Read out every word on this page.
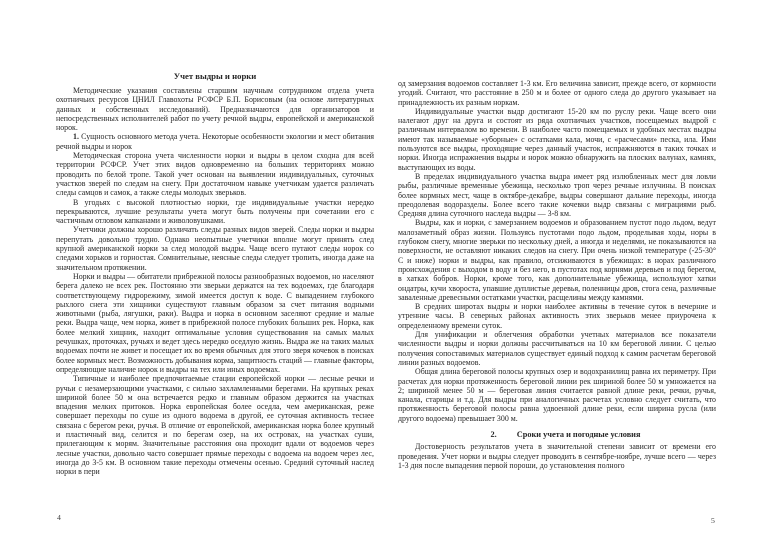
Учет выдры и норки

Методические указания составлены старшим научным сотрудником отдела учета охотничьих ресурсов ЦНИЛ Главохоты РСФСР Б.П. Борисовым (на основе литературных данных и собственных исследований). Предназначаются для организаторов и непосредственных исполнителей работ по учету речной выдры, европейской и американской норок.

1. Сущность основного метода учета. Некоторые особенности экологии и мест обитания речной выдры и норок

Методическая сторона учета численности норки и выдры в целом сходна для всей территории РСФСР. Учет этих видов одновременно на больших территориях можно проводить по белой тропе. Такой учет основан на выявлении индивидуальных, суточных участков зверей по следам на снегу. При достаточном навыке учетчикам удается различать следы самцов и самок, а также следы молодых зверьков.

В угодьях с высокой плотностью норки, где индивидуальные участки нередко перекрываются, лучшие результаты учета могут быть получены при сочетании его с частичным отловом капканами и живоловушками.

Учетчики должны хорошо различать следы разных видов зверей. Следы норки и выдры перепутать довольно трудно. Однако неопытные учетчики вполне могут принять след крупной американской норки за след молодой выдры. Чаще всего путают следы норок со следами хорьков и горностая. Сомнительные, неясные следы следует тропить, иногда даже на значительном протяжении.

Норки и выдры — обитатели прибрежной полосы разнообразных водоемов, но населяют берега далеко не всех рек. Постоянно эти зверьки держатся на тех водоемах, где благодаря соответствующему гидрорежиму, зимой имеется доступ к воде. С выпадением глубокого рыхлого снега эти хищники существуют главным образом за счет питания водными животными (рыба, лягушки, раки). Выдра и норка в основном заселяют средние и малые реки. Выдра чаще, чем норка, живет в прибрежной полосе глубоких больших рек. Норка, как более мелкий хищник, находит оптимальные условия существования на самых малых речушках, проточках, ручьях и ведет здесь нередко оседлую жизнь. Выдра же на таких малых водоемах почти не живет и посещает их во время обычных для этого зверя кочевок в поисках более кормных мест. Возможность добывания корма, защитность стаций — главные факторы, определяющие наличие норок и выдры на тех или иных водоемах.

Типичные и наиболее предпочитаемые стации европейской норки — лесные речки и ручьи с незамерзающими участками, с сильно захламленными берегами. На крупных реках шириной более 50 м она встречается редко и главным образом держится на участках впадения мелких притоков. Норка европейская более оседла, чем американская, реже совершает переходы по суше из одного водоема в другой, ее суточная активность теснее связана с берегом реки, ручья. В отличие от европейской, американская норка более крупный и пластичный вид, селится и по берегам озер, на их островах, на участках суши, прилегающим к морям. Значительные расстояния она проходит вдали от водоемов через лесные участки, довольно часто совершает прямые переходы с водоема на водоем через лес, иногда до 3-5 км. В основном такие переходы отмечены осенью. Средний суточный наслед норки в пери

од замерзания водоемов составляет 1-3 км. Его величина зависит, прежде всего, от кормности угодий. Считают, что расстояние в 250 м и более от одного следа до другого указывает на принадлежность их разным норкам.

Индивидуальные участки выдр достигают 15-20 км по руслу реки. Чаще всего они налегают друг на друга и состоят из ряда охотничьих участков, посещаемых выдрой с различным интервалом во времени. В наиболее часто помещаемых и удобных местах выдры имеют так называемые «уборные» с остатками кала, мочи, с «расчесами» песка, ила. Ими пользуются все выдры, проходящие через данный участок, испражняются в таких точках и норки. Иногда испражнения выдры и норок можно обнаружить на плоских валунах, камнях, выступающих из воды.

В пределах индивидуального участка выдра имеет ряд излюбленных мест для ловли рыбы, различные временные убежища, несколько троп через речные излучины. В поисках более кормных мест, чаще в октябре-декабре, выдры совершают дальние переходы, иногда преодолевая водоразделы. Более всего такие кочевки выдр связаны с миграциями рыб. Средняя длина суточного наследа выдры — 3-8 км.

Выдры, как и норки, с замерзанием водоемов и образованием пустот подо льдом, ведут малозаметный образ жизни. Пользуясь пустотами подо льдом, проделывая ходы, норы в глубоком снегу, многие зверьки по нескольку дней, а иногда и неделями, не показываются на поверхности, не оставляют никаких следов на снегу. При очень низкой температуре (-25-30° С и ниже) норки и выдры, как правило, отсиживаются в убежищах: в норах различного происхождения с выходом в воду и без него, в пустотах под корнями деревьев и под берегом, в хатках бобров. Норки, кроме того, как дополнительные убежища, используют хатки ондатры, кучи хвороста, упавшие дуплистые деревья, поленницы дров, стога сена, различные заваленные древесными остатками участки, расщелины между камнями.

В средних широтах выдры и норки наиболее активны в течение суток в вечерние и утренние часы. В северных районах активность этих зверьков менее приурочена к определенному времени суток.

Для унификации и облегчения обработки учетных материалов все показатели численности выдры и норки должны рассчитываться на 10 км береговой линии. С целью получения сопоставимых материалов существует единый подход к самим расчетам береговой линии разных водоемов.

Общая длина береговой полосы крупных озер и водохранилищ равна их периметру. При расчетах для норки протяженность береговой линии рек шириной более 50 м умножается на 2; шириной менее 50 м — береговая линия считается равной длине реки, речки, ручья, канала, старицы и т.д. Для выдры при аналогичных расчетах условно следует считать, что протяженность береговой полосы равна удвоенной длине реки, если ширина русла (или другого водоема) превышает 300 м.

2. Сроки учета и погодные условия

Достоверность результатов учета в значительной степени зависит от времени его проведения. Учет норки и выдры следует проводить в сентябре-ноябре, лучше всего — через 1-3 дня после выпадения первой пороши, до установления полного

4	5
